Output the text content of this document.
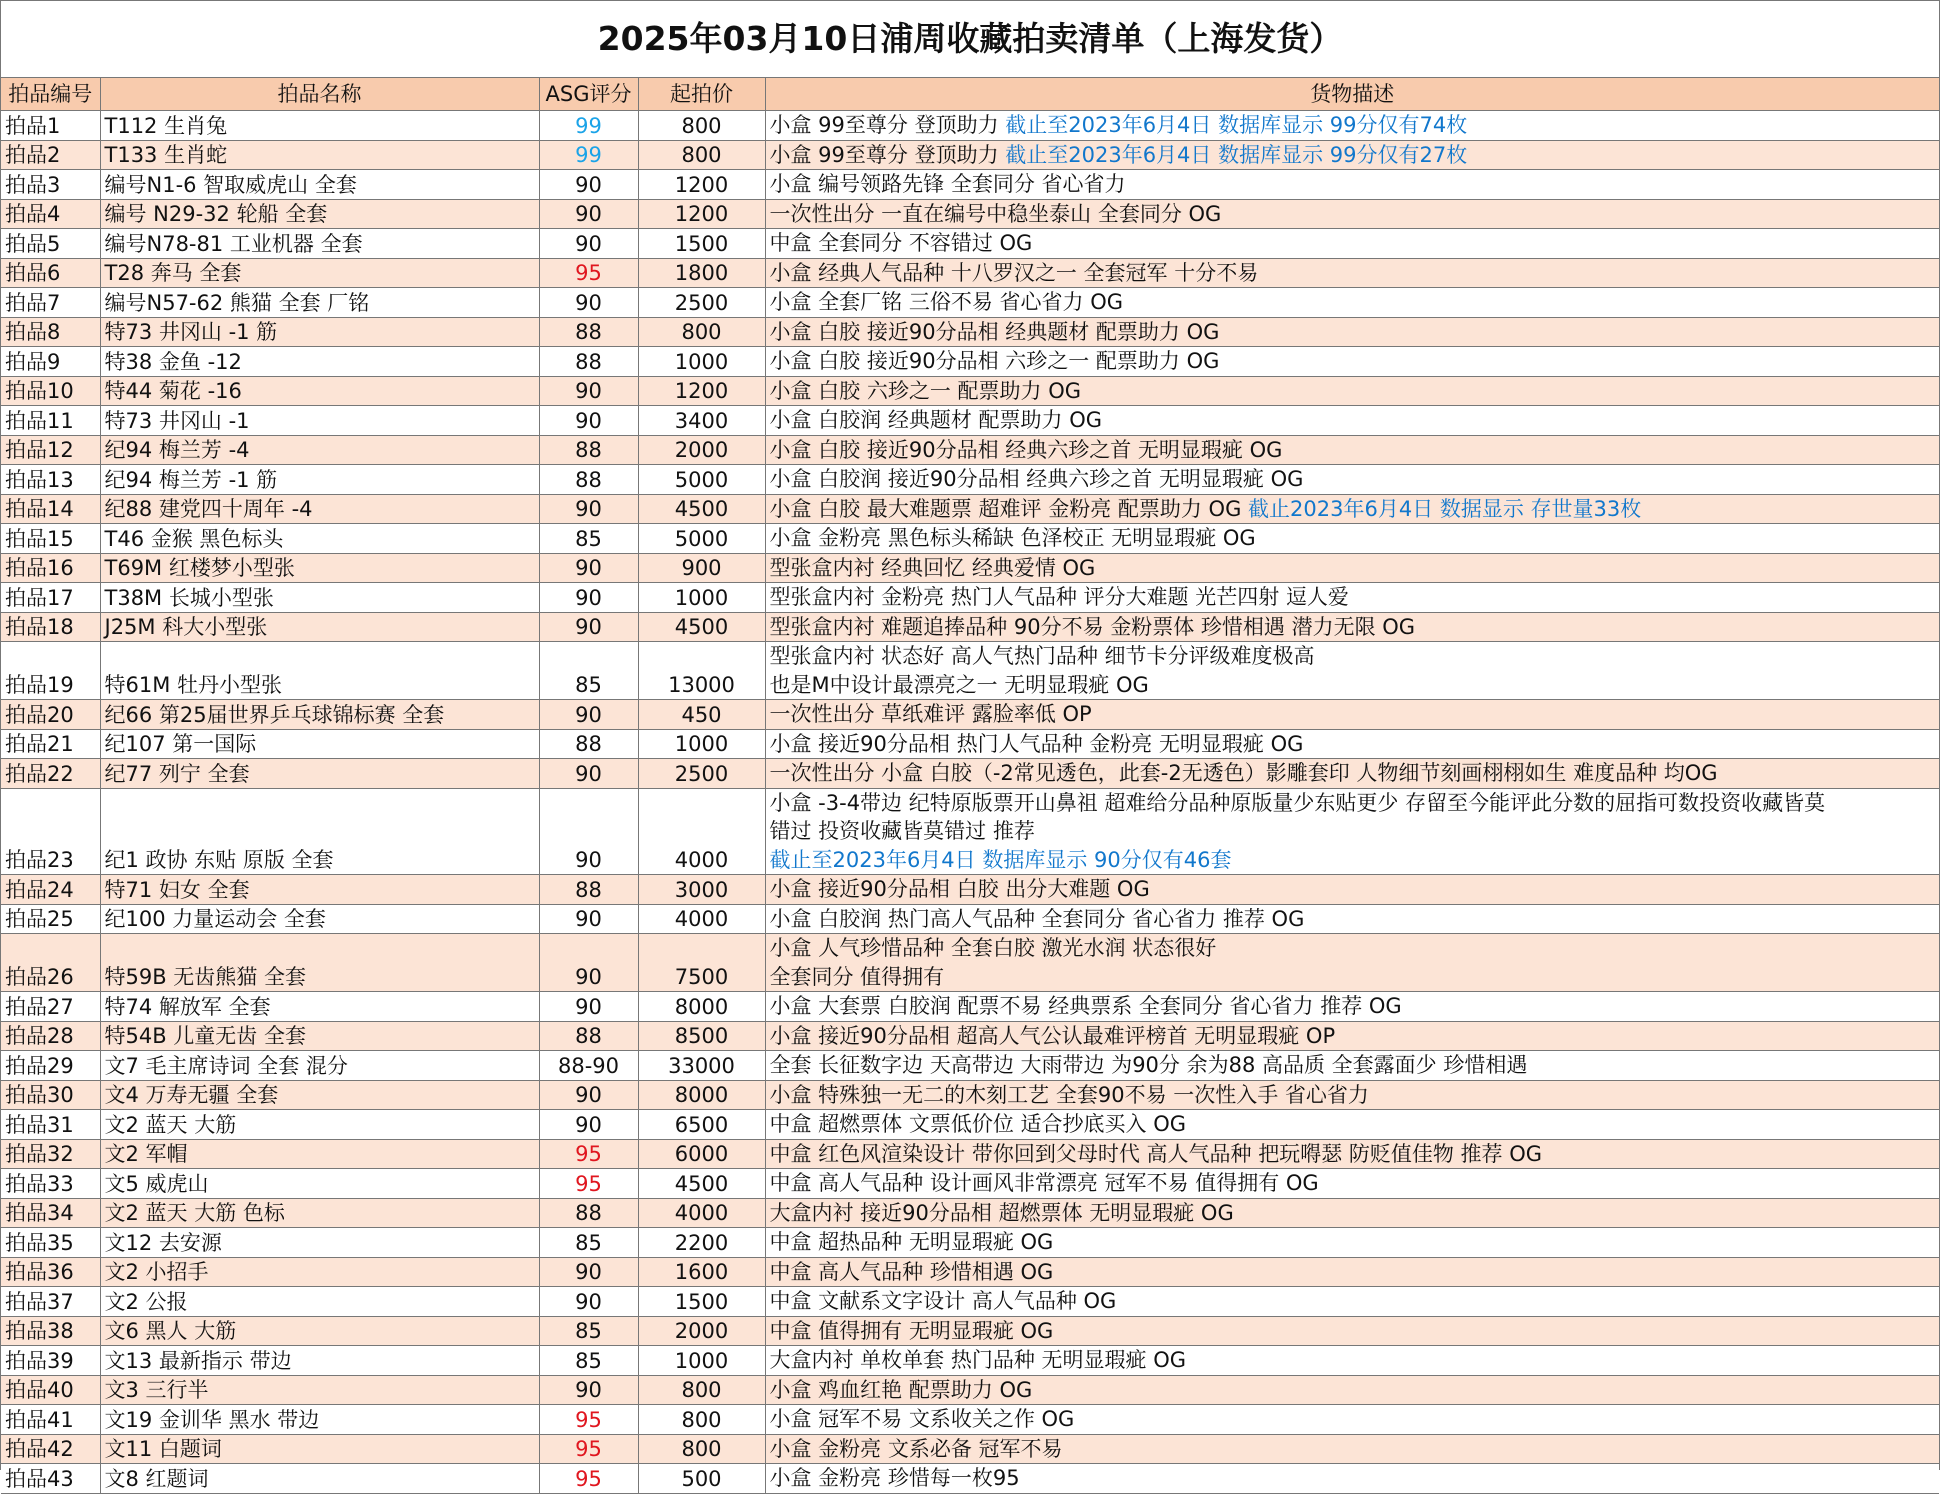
2025年03月10日浦周收藏拍卖清单（上海发货）
拍品编号	拍品名称	ASG评分	起拍价	货物描述
拍品1	T112 生肖兔	99	800	小盒 99至尊分 登顶助力 截止至2023年6月4日 数据库显示 99分仅有74枚

拍品2	T133 生肖蛇	99	800	小盒 99至尊分 登顶助力 截止至2023年6月4日 数据库显示 99分仅有27枚

拍品3	编号N1-6 智取威虎山 全套	90	1200	小盒 编号领路先锋 全套同分 省心省力

拍品4	编号 N29-32 轮船 全套	90	1200	一次性出分 一直在编号中稳坐泰山 全套同分 OG

拍品5	编号N78-81 工业机器 全套	90	1500	中盒 全套同分 不容错过 OG

拍品6	T28 奔马 全套	95	1800	小盒 经典人气品种 十八罗汉之一 全套冠军 十分不易

拍品7	编号N57-62 熊猫 全套 厂铭	90	2500	小盒 全套厂铭 三俗不易 省心省力 OG

拍品8	特73 井冈山 -1 筋	88	800	小盒 白胶 接近90分品相 经典题材 配票助力 OG

拍品9	特38 金鱼 -12	88	1000	小盒 白胶 接近90分品相 六珍之一 配票助力 OG

拍品10	特44 菊花 -16	90	1200	小盒 白胶 六珍之一 配票助力 OG

拍品11	特73 井冈山 -1	90	3400	小盒 白胶润 经典题材 配票助力 OG

拍品12	纪94 梅兰芳 -4	88	2000	小盒 白胶 接近90分品相 经典六珍之首 无明显瑕疵 OG

拍品13	纪94 梅兰芳 -1 筋	88	5000	小盒 白胶润 接近90分品相 经典六珍之首 无明显瑕疵 OG

拍品14	纪88 建党四十周年 -4	90	4500	小盒 白胶 最大难题票 超难评 金粉亮 配票助力 OG 截止2023年6月4日 数据显示 存世量33枚

拍品15	T46 金猴 黑色标头	85	5000	小盒 金粉亮 黑色标头稀缺 色泽校正 无明显瑕疵 OG

拍品16	T69M 红楼梦小型张	90	900	型张盒内衬 经典回忆 经典爱情 OG

拍品17	T38M 长城小型张	90	1000	型张盒内衬 金粉亮 热门人气品种 评分大难题 光芒四射 逗人爱

拍品18	J25M 科大小型张	90	4500	型张盒内衬 难题追捧品种 90分不易 金粉票体 珍惜相遇 潜力无限 OG

拍品19	特61M 牡丹小型张	85	13000	型张盒内衬 状态好 高人气热门品种 细节卡分评级难度极高
也是M中设计最漂亮之一 无明显瑕疵 OG

拍品20	纪66 第25届世界乒乓球锦标赛 全套	90	450	一次性出分 草纸难评 露脸率低 OP

拍品21	纪107 第一国际	88	1000	小盒 接近90分品相 热门人气品种 金粉亮 无明显瑕疵 OG

拍品22	纪77 列宁 全套	90	2500	一次性出分 小盒 白胶（-2常见透色，此套-2无透色）影雕套印 人物细节刻画栩栩如生 难度品种 均OG

拍品23	纪1 政协 东贴 原版 全套	90	4000	小盒 -3-4带边 纪特原版票开山鼻祖 超难给分品种原版量少东贴更少 存留至今能评此分数的屈指可数投资收藏皆莫
错过 投资收藏皆莫错过 推荐
截止至2023年6月4日 数据库显示 90分仅有46套

拍品24	特71 妇女 全套	88	3000	小盒 接近90分品相 白胶 出分大难题 OG

拍品25	纪100 力量运动会 全套	90	4000	小盒 白胶润 热门高人气品种 全套同分 省心省力 推荐 OG

拍品26	特59B 无齿熊猫 全套	90	7500	小盒 人气珍惜品种 全套白胶 激光水润 状态很好
全套同分 值得拥有

拍品27	特74 解放军 全套	90	8000	小盒 大套票 白胶润 配票不易 经典票系 全套同分 省心省力 推荐 OG

拍品28	特54B 儿童无齿 全套	88	8500	小盒 接近90分品相 超高人气公认最难评榜首 无明显瑕疵 OP

拍品29	文7 毛主席诗词 全套 混分	88-90	33000	全套 长征数字边 天高带边 大雨带边 为90分 余为88 高品质 全套露面少 珍惜相遇

拍品30	文4 万寿无疆 全套	90	8000	小盒 特殊独一无二的木刻工艺 全套90不易 一次性入手 省心省力

拍品31	文2 蓝天 大筋	90	6500	中盒 超燃票体 文票低价位 适合抄底买入 OG

拍品32	文2 军帽	95	6000	中盒 红色风渲染设计 带你回到父母时代 高人气品种 把玩嘚瑟 防贬值佳物 推荐 OG

拍品33	文5 威虎山	95	4500	中盒 高人气品种 设计画风非常漂亮 冠军不易 值得拥有 OG

拍品34	文2 蓝天 大筋 色标	88	4000	大盒内衬 接近90分品相 超燃票体 无明显瑕疵 OG

拍品35	文12 去安源	85	2200	中盒 超热品种 无明显瑕疵 OG

拍品36	文2 小招手	90	1600	中盒 高人气品种 珍惜相遇 OG

拍品37	文2 公报	90	1500	中盒 文献系文字设计 高人气品种 OG

拍品38	文6 黑人 大筋	85	2000	中盒 值得拥有 无明显瑕疵 OG

拍品39	文13 最新指示 带边	85	1000	大盒内衬 单枚单套 热门品种 无明显瑕疵 OG

拍品40	文3 三行半	90	800	小盒 鸡血红艳 配票助力 OG

拍品41	文19 金训华 黑水 带边	95	800	小盒 冠军不易 文系收关之作 OG

拍品42	文11 白题词	95	800	小盒 金粉亮 文系必备 冠军不易

拍品43	文8 红题词	95	500	小盒 金粉亮 珍惜每一枚95
